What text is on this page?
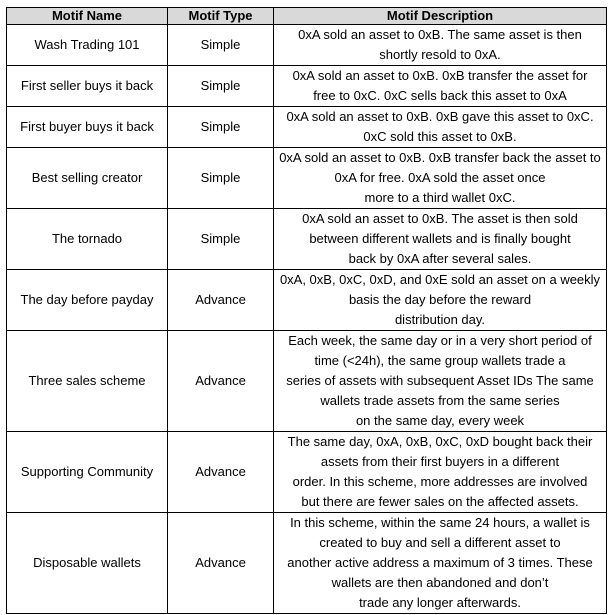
Motif Name	Motif Type	Motif Description
Wash Trading 101	Simple	0xA sold an asset to 0xB. The same asset is then
shortly resold to 0xA.
First seller buys it back	Simple	0xA sold an asset to 0xB. 0xB transfer the asset for
free to 0xC. 0xC sells back this asset to 0xA
First buyer buys it back	Simple	0xA sold an asset to 0xB. 0xB gave this asset to 0xC.
0xC sold this asset to 0xB.
Best selling creator	Simple	0xA sold an asset to 0xB. 0xB transfer back the asset to
0xA for free. 0xA sold the asset once
more to a third wallet 0xC.
The tornado	Simple	0xA sold an asset to 0xB. The asset is then sold
between different wallets and is finally bought
back by 0xA after several sales.
The day before payday	Advance	0xA, 0xB, 0xC, 0xD, and 0xE sold an asset on a weekly
basis the day before the reward
distribution day.
Three sales scheme	Advance	Each week, the same day or in a very short period of
time (<24h), the same group wallets trade a
series of assets with subsequent Asset IDs The same
wallets trade assets from the same series
on the same day, every week
Supporting Community	Advance	The same day, 0xA, 0xB, 0xC, 0xD bought back their
assets from their first buyers in a different
order. In this scheme, more addresses are involved
but there are fewer sales on the affected assets.
Disposable wallets	Advance	In this scheme, within the same 24 hours, a wallet is
created to buy and sell a different asset to
another active address a maximum of 3 times. These
wallets are then abandoned and don’t
trade any longer afterwards.
